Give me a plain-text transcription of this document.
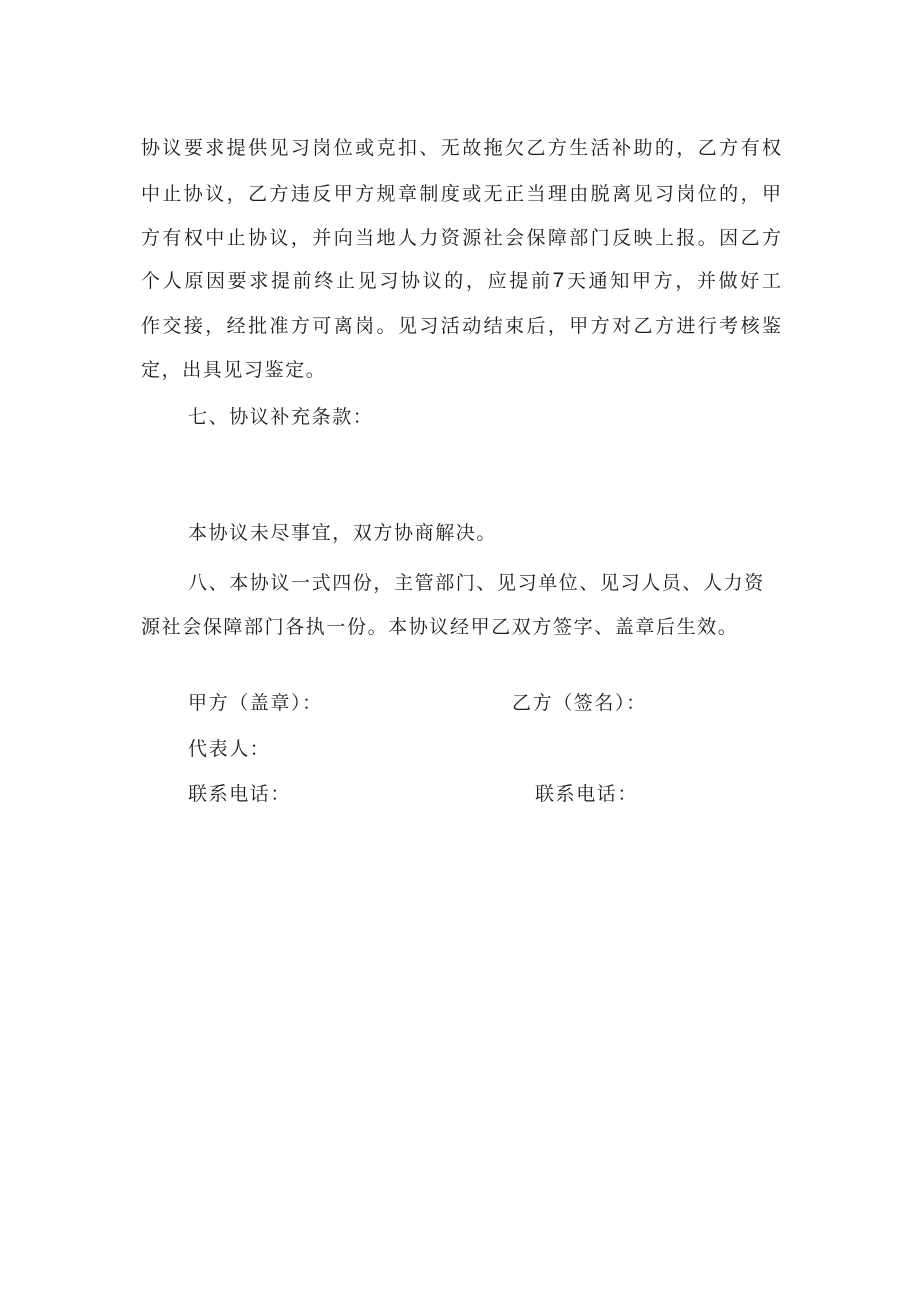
协议要求提供见习岗位或克扣、无故拖欠乙方生活补助的，乙方有权
中止协议，乙方违反甲方规章制度或无正当理由脱离见习岗位的，甲
方有权中止协议，并向当地人力资源社会保障部门反映上报。因乙方
个人原因要求提前终止见习协议的，应提前7天通知甲方，并做好工
作交接，经批准方可离岗。见习活动结束后，甲方对乙方进行考核鉴
定，出具见习鉴定。
七、协议补充条款：
本协议未尽事宜，双方协商解决。
八、本协议一式四份，主管部门、见习单位、见习人员、人力资
源社会保障部门各执一份。本协议经甲乙双方签字、盖章后生效。
甲方（盖章）：	乙方（签名）：
代表人：
联系电话：	联系电话：
